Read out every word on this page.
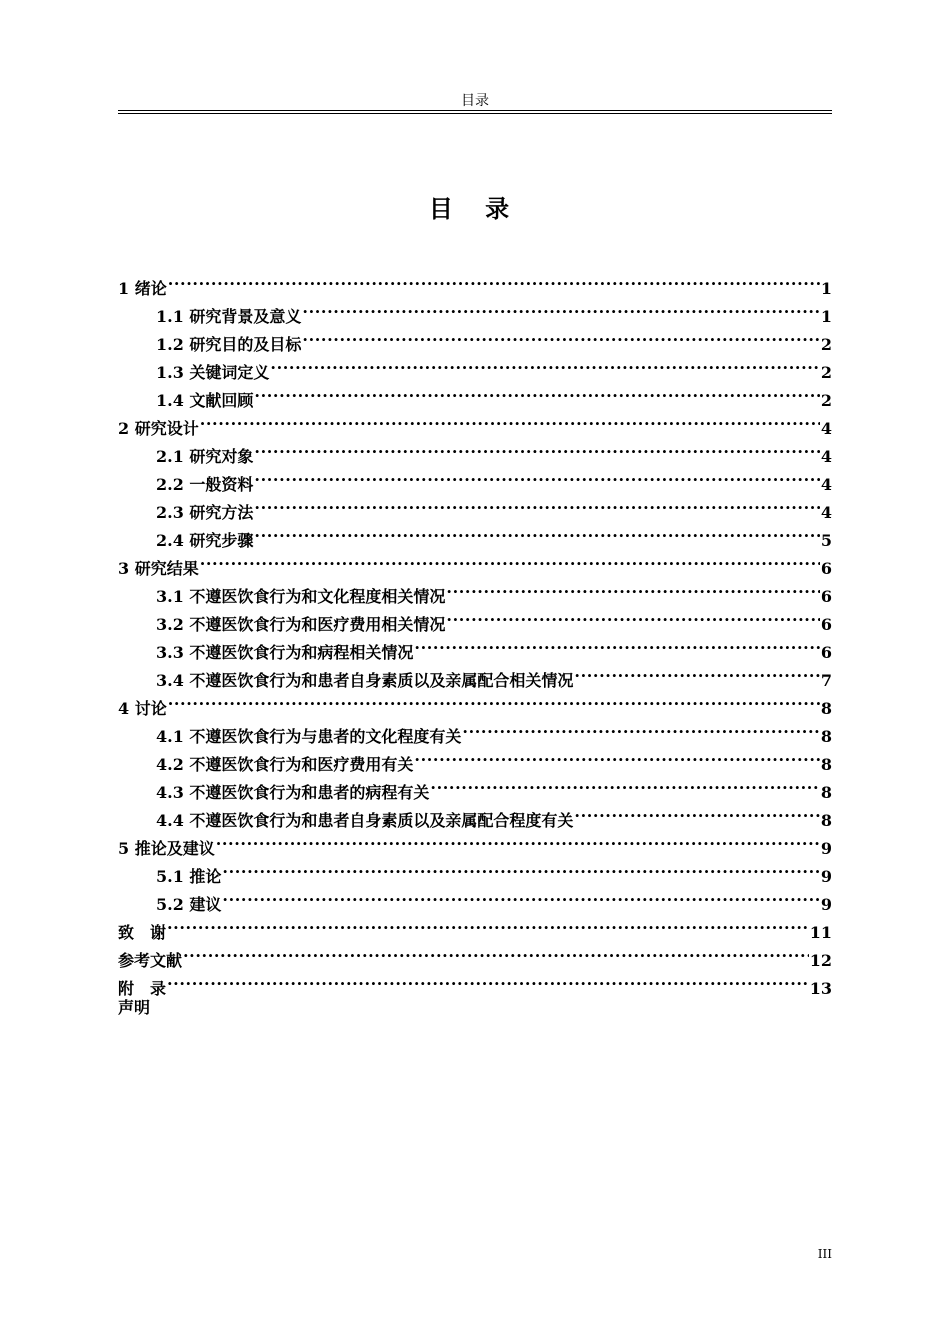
目录
目 录
1 绪论 .....	1
1.1 研究背景及意义 .....	1
1.2 研究目的及目标 .....	2
1.3 关键词定义 .....	2
1.4 文献回顾 .....	2
2 研究设计 .....	4
2.1 研究对象 .....	4
2.2 一般资料 .....	4
2.3 研究方法 .....	4
2.4 研究步骤 .....	5
3 研究结果 .....	6
3.1 不遵医饮食行为和文化程度相关情况 .....	6
3.2 不遵医饮食行为和医疗费用相关情况 .....	6
3.3 不遵医饮食行为和病程相关情况 .....	6
3.4 不遵医饮食行为和患者自身素质以及亲属配合相关情况 .....	7
4 讨论 .....	8
4.1 不遵医饮食行为与患者的文化程度有关 .....	8
4.2 不遵医饮食行为和医疗费用有关 .....	8
4.3 不遵医饮食行为和患者的病程有关 .....	8
4.4 不遵医饮食行为和患者自身素质以及亲属配合程度有关 .....	8
5 推论及建议 .....	9
5.1 推论 .....	9
5.2 建议 .....	9
致　谢 .....	11
参考文献 .....	12
附　录 .....	13
声明
III
